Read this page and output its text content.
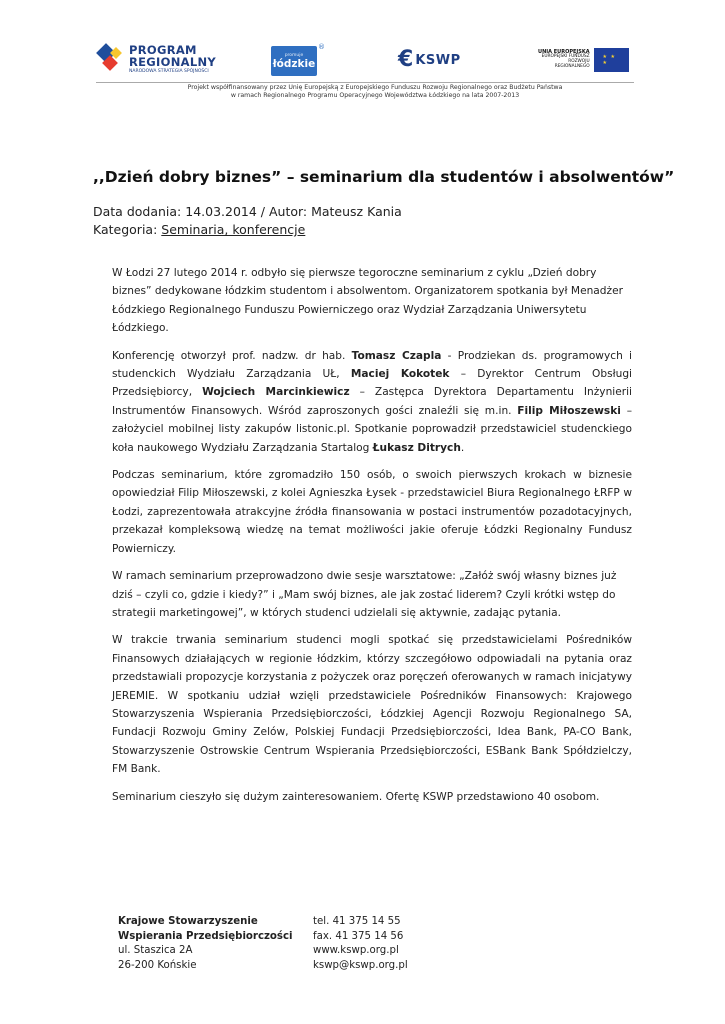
PROGRAM
REGIONALNY
NARODOWA STRATEGIA SPÓJNOŚCI
promuje
łódzkie
®	€ KSWP
UNIA EUROPEJSKA
EUROPEJSKI FUNDUSZ
ROZWOJU REGIONALNEGO
★ ★ ★
Projekt współfinansowany przez Unię Europejską z Europejskiego Funduszu Rozwoju Regionalnego oraz Budżetu Państwa
w ramach Regionalnego Programu Operacyjnego Województwa Łódzkiego na lata 2007-2013
,,Dzień dobry biznes” – seminarium dla studentów i absolwentów”
Data dodania: 14.03.2014 / Autor: Mateusz Kania
Kategoria: Seminaria, konferencje

W Łodzi 27 lutego 2014 r. odbyło się pierwsze tegoroczne seminarium z cyklu „Dzień dobry biznes” dedykowane łódzkim studentom i absolwentom. Organizatorem spotkania był Menadżer Łódzkiego Regionalnego Funduszu Powierniczego oraz Wydział Zarządzania Uniwersytetu Łódzkiego.

Konferencję otworzył prof. nadzw. dr hab. Tomasz Czapla - Prodziekan ds. programowych i studenckich Wydziału Zarządzania UŁ, Maciej Kokotek – Dyrektor Centrum Obsługi Przedsiębiorcy, Wojciech Marcinkiewicz – Zastępca Dyrektora Departamentu Inżynierii Instrumentów Finansowych. Wśród zaproszonych gości znaleźli się m.in. Filip Miłoszewski – założyciel mobilnej listy zakupów listonic.pl. Spotkanie poprowadził przedstawiciel studenckiego koła naukowego Wydziału Zarządzania Startalog Łukasz Ditrych.

Podczas seminarium, które zgromadziło 150 osób, o swoich pierwszych krokach w biznesie opowiedział Filip Miłoszewski, z kolei Agnieszka Łysek - przedstawiciel Biura Regionalnego ŁRFP w Łodzi, zaprezentowała atrakcyjne źródła finansowania w postaci instrumentów pozadotacyjnych, przekazał kompleksową wiedzę na temat możliwości jakie oferuje Łódzki Regionalny Fundusz Powierniczy.

W ramach seminarium przeprowadzono dwie sesje warsztatowe: „Załóż swój własny biznes już dziś – czyli co, gdzie i kiedy?” i „Mam swój biznes, ale jak zostać liderem? Czyli krótki wstęp do strategii marketingowej”, w których studenci udzielali się aktywnie, zadając pytania.

W trakcie trwania seminarium studenci mogli spotkać się przedstawicielami Pośredników Finansowych działających w regionie łódzkim, którzy szczegółowo odpowiadali na pytania oraz przedstawiali propozycje korzystania z pożyczek oraz poręczeń oferowanych w ramach inicjatywy JEREMIE. W spotkaniu udział wzięli przedstawiciele Pośredników Finansowych: Krajowego Stowarzyszenia Wspierania Przedsiębiorczości, Łódzkiej Agencji Rozwoju Regionalnego SA, Fundacji Rozwoju Gminy Zelów, Polskiej Fundacji Przedsiębiorczości, Idea Bank, PA-CO Bank, Stowarzyszenie Ostrowskie Centrum Wspierania Przedsiębiorczości, ESBank Bank Spółdzielczy, FM Bank.

Seminarium cieszyło się dużym zainteresowaniem. Ofertę KSWP przedstawiono 40 osobom.

Krajowe Stowarzyszenie
Wspierania Przedsiębiorczości
ul. Staszica 2A
26-200 Końskie
tel. 41 375 14 55
fax. 41 375 14 56
www.kswp.org.pl
kswp@kswp.org.pl
